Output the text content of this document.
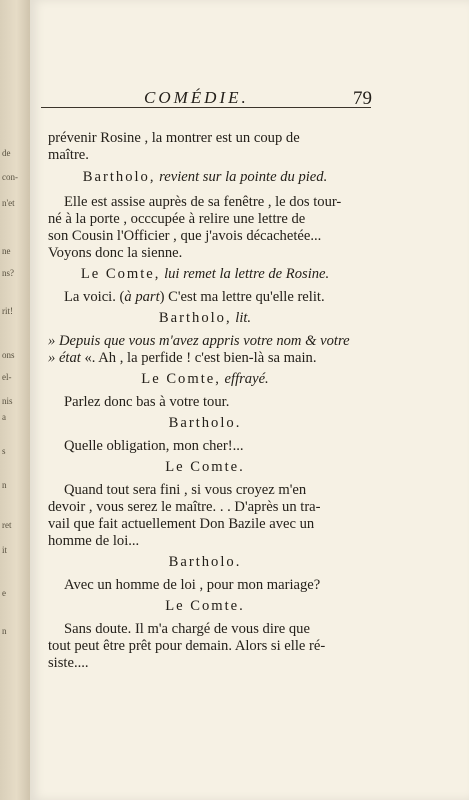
de
con-
n'et
ne
ns?
rit!
ons
el-
nis
a
s
n
ret
it
e
n
COMÉDIE.	79
prévenir Rosine , la montrer est un coup de
maître.
Bartholo, revient sur la pointe du pied.
Elle est assise auprès de sa fenêtre , le dos tour-
né à la porte , occcupée à relire une lettre de
son Cousin l'Officier , que j'avois décachetée...
Voyons donc la sienne.
Le Comte, lui remet la lettre de Rosine.
La voici. (à part) C'est ma lettre qu'elle relit.
Bartholo, lit.
» Depuis que vous m'avez appris votre nom & votre
» état «. Ah , la perfide ! c'est bien-là sa main.
Le Comte, effrayé.
Parlez donc bas à votre tour.
Bartholo.
Quelle obligation, mon cher!...
Le Comte.
Quand tout sera fini , si vous croyez m'en
devoir , vous serez le maître. . . D'après un tra-
vail que fait actuellement Don Bazile avec un
homme de loi...
Bartholo.
Avec un homme de loi , pour mon mariage?
Le Comte.
Sans doute. Il m'a chargé de vous dire que
tout peut être prêt pour demain. Alors si elle ré-
siste....
